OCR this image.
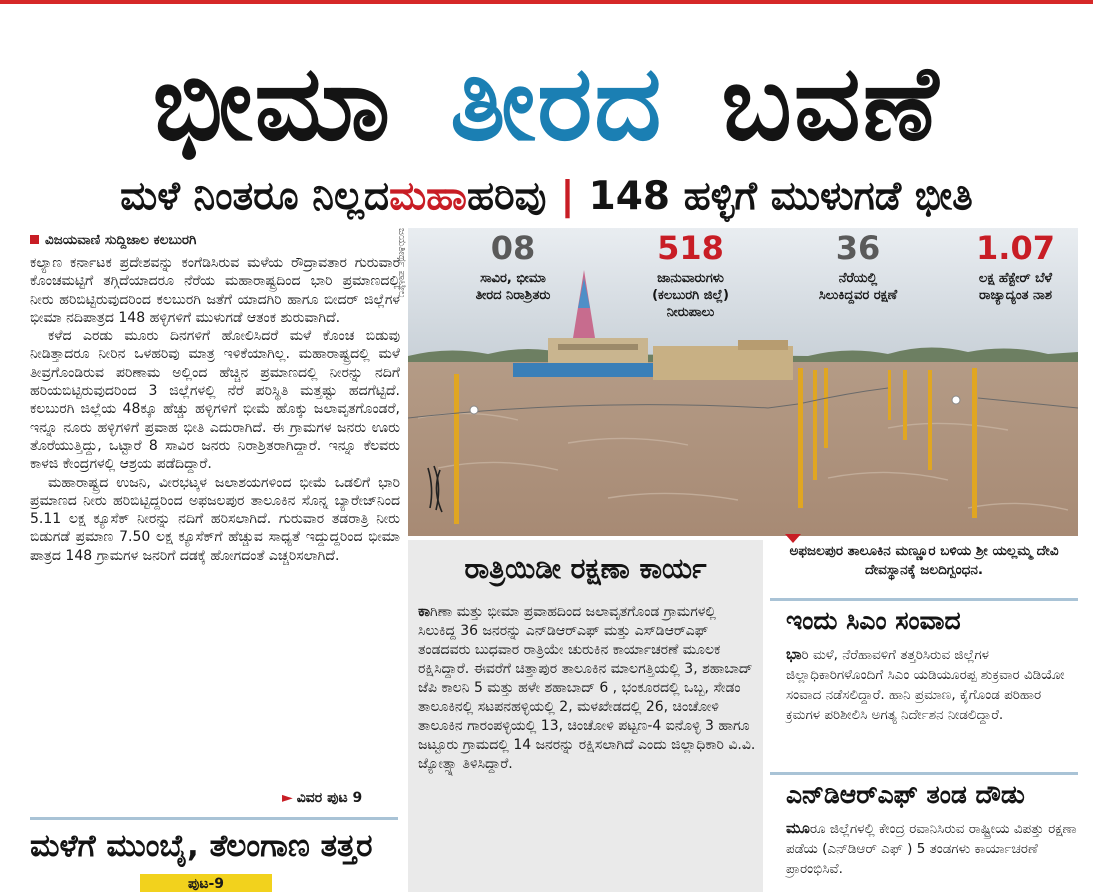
ಭೀಮಾ ತೀರದ ಬವಣೆ
ಮಳೆ ನಿಂತರೂ ನಿಲ್ಲದ ಮಹಾ ಹರಿವು | 148 ಹಳ್ಳಿಗೆ ಮುಳುಗಡೆ ಭೀತಿ
ವಿಜಯವಾಣಿ ಸುದ್ದಿಜಾಲ ಕಲಬುರಗಿ	ಜಯತೀರ್ಥ ಪಾಟೀಲ

ಕಲ್ಯಾಣ ಕರ್ನಾಟಕ ಪ್ರದೇಶವನ್ನು ಕಂಗೆಡಿಸಿರುವ ಮಳೆಯ ರೌದ್ರಾವತಾರ ಗುರುವಾರ ಕೊಂಚಮಟ್ಟಿಗೆ ತಗ್ಗಿದೆಯಾದರೂ ನೆರೆಯ ಮಹಾರಾಷ್ಟ್ರದಿಂದ ಭಾರಿ ಪ್ರಮಾಣದಲ್ಲಿ ನೀರು ಹರಿಬಿಟ್ಟಿರುವುದರಿಂದ ಕಲಬುರಗಿ ಜತೆಗೆ ಯಾದಗಿರಿ ಹಾಗೂ ಬೀದರ್ ಜಿಲ್ಲೆಗಳ ಭೀಮಾ ನದಿಪಾತ್ರದ 148 ಹಳ್ಳಿಗಳಿಗೆ ಮುಳುಗಡೆ ಆತಂಕ ಶುರುವಾಗಿದೆ.

ಕಳೆದ ಎರಡು ಮೂರು ದಿನಗಳಿಗೆ ಹೋಲಿಸಿದರೆ ಮಳೆ ಕೊಂಚ ಬಿಡುವು ನೀಡಿತ್ತಾದರೂ ನೀರಿನ ಒಳಹರಿವು ಮಾತ್ರ ಇಳಿಕೆಯಾಗಿಲ್ಲ. ಮಹಾರಾಷ್ಟ್ರದಲ್ಲಿ ಮಳೆ ತೀವ್ರಗೊಂಡಿರುವ ಪರಿಣಾಮ ಅಲ್ಲಿಂದ ಹೆಚ್ಚಿನ ಪ್ರಮಾಣದಲ್ಲಿ ನೀರನ್ನು ನದಿಗೆ ಹರಿಯಬಿಟ್ಟಿರುವುದರಿಂದ 3 ಜಿಲ್ಲೆಗಳಲ್ಲಿ ನೆರೆ ಪರಿಸ್ಥಿತಿ ಮತ್ತಷ್ಟು ಹದಗೆಟ್ಟಿದೆ. ಕಲಬುರಗಿ ಜಿಲ್ಲೆಯ 48ಕ್ಕೂ ಹೆಚ್ಚು ಹಳ್ಳಿಗಳಿಗೆ ಭೀಮೆ ಹೊಕ್ಕು ಜಲಾವೃತಗೊಂಡರೆ, ಇನ್ನೂ ನೂರು ಹಳ್ಳಿಗಳಿಗೆ ಪ್ರವಾಹ ಭೀತಿ ಎದುರಾಗಿದೆ. ಈ ಗ್ರಾಮಗಳ ಜನರು ಊರು ತೊರೆಯುತ್ತಿದ್ದು, ಒಟ್ಟಾರೆ 8 ಸಾವಿರ ಜನರು ನಿರಾಶ್ರಿತರಾಗಿದ್ದಾರೆ. ಇನ್ನೂ ಕೆಲವರು ಕಾಳಜಿ ಕೇಂದ್ರಗಳಲ್ಲಿ ಆಶ್ರಯ ಪಡೆದಿದ್ದಾರೆ.

ಮಹಾರಾಷ್ಟ್ರದ ಉಜನಿ, ವೀರಭಟ್ಕಳ ಜಲಾಶಯಗಳಿಂದ ಭೀಮೆ ಒಡಲಿಗೆ ಭಾರಿ ಪ್ರಮಾಣದ ನೀರು ಹರಿಬಿಟ್ಟಿದ್ದರಿಂದ ಅಫಜಲಪುರ ತಾಲೂಕಿನ ಸೊನ್ನ ಬ್ಯಾರೇಜ್‌ನಿಂದ 5.11 ಲಕ್ಷ ಕ್ಯೂಸೆಕ್ ನೀರನ್ನು ನದಿಗೆ ಹರಿಸಲಾಗಿದೆ. ಗುರುವಾರ ತಡರಾತ್ರಿ ನೀರು ಬಿಡುಗಡೆ ಪ್ರಮಾಣ 7.50 ಲಕ್ಷ ಕ್ಯೂಸೆಕ್‌ಗೆ ಹೆಚ್ಚುವ ಸಾಧ್ಯತೆ ಇದ್ದುದ್ದರಿಂದ ಭೀಮಾ ಪಾತ್ರದ 148 ಗ್ರಾಮಗಳ ಜನರಿಗೆ ದಡಕ್ಕೆ ಹೋಗದಂತೆ ಎಚ್ಚರಿಸಲಾಗಿದೆ.

► ವಿವರ ಪುಟ 9
ಮಳೆಗೆ ಮುಂಬೈ, ತೆಲಂಗಾಣ ತತ್ತರ
ಪುಟ-9
08
ಸಾವಿರ, ಭೀಮಾ
ತೀರದ ನಿರಾಶ್ರಿತರು
518
ಜಾನುವಾರುಗಳು
(ಕಲಬುರಗಿ ಜಿಲ್ಲೆ)
ನೀರುಪಾಲು
36
ನೆರೆಯಲ್ಲಿ
ಸಿಲುಕಿದ್ದವರ ರಕ್ಷಣೆ
1.07
ಲಕ್ಷ ಹೆಕ್ಟೇರ್ ಬೆಳೆ
ರಾಜ್ಯಾದ್ಯಂತ ನಾಶ
ರಾತ್ರಿಯಿಡೀ ರಕ್ಷಣಾ ಕಾರ್ಯ
ಕಾಗಿಣಾ ಮತ್ತು ಭೀಮಾ ಪ್ರವಾಹದಿಂದ ಜಲಾವೃತಗೊಂಡ ಗ್ರಾಮಗಳಲ್ಲಿ ಸಿಲುಕಿದ್ದ 36 ಜನರನ್ನು ಎನ್‌ಡಿಆರ್‌ಎಫ್ ಮತ್ತು ಎಸ್‌ಡಿಆರ್‌ಎಫ್ ತಂಡದವರು ಬುಧವಾರ ರಾತ್ರಿಯೇ ಚುರುಕಿನ ಕಾರ್ಯಾಚರಣೆ ಮೂಲಕ ರಕ್ಷಿಸಿದ್ದಾರೆ. ಈವರೆಗೆ ಚಿತ್ತಾಪುರ ತಾಲೂಕಿನ ಮಾಲಗತ್ತಿಯಲ್ಲಿ 3, ಶಹಾಬಾದ್ ಜೆಪಿ ಕಾಲನಿ 5 ಮತ್ತು ಹಳೇ ಶಹಾಬಾದ್ 6 , ಭಂಕೂರದಲ್ಲಿ ಒಬ್ಬ, ಸೇಡಂ ತಾಲೂಕಿನಲ್ಲಿ ಸಟಪನಹಳ್ಳಿಯಲ್ಲಿ 2, ಮಳಖೇಡದಲ್ಲಿ 26, ಚಿಂಚೋಳಿ ತಾಲೂಕಿನ ಗಾರಂಪಳ್ಳಿಯಲ್ಲಿ 13, ಚಿಂಚೋಳಿ ಪಟ್ಟಣ-4 ಐನೊಳ್ಳಿ 3 ಹಾಗೂ ಜಟ್ಟೂರು ಗ್ರಾಮದಲ್ಲಿ 14 ಜನರನ್ನು ರಕ್ಷಿಸಲಾಗಿದೆ ಎಂದು ಜಿಲ್ಲಾಧಿಕಾರಿ ವಿ.ವಿ. ಜ್ಯೋತ್ಸ್ನಾ ತಿಳಿಸಿದ್ದಾರೆ.
ಅಫಜಲಪುರ ತಾಲೂಕಿನ ಮಣ್ಣೂರ ಬಳಿಯ ಶ್ರೀ ಯಲ್ಲಮ್ಮ ದೇವಿ ದೇವಸ್ಥಾನಕ್ಕೆ ಜಲದಿಗ್ಬಂಧನ.
ಇಂದು ಸಿಎಂ ಸಂವಾದ
ಭಾರಿ ಮಳೆ, ನೆರೆಹಾವಳಿಗೆ ತತ್ತರಿಸಿರುವ ಜಿಲ್ಲೆಗಳ ಜಿಲ್ಲಾಧಿಕಾರಿಗಳೊಂದಿಗೆ ಸಿಎಂ ಯಡಿಯೂರಪ್ಪ ಶುಕ್ರವಾರ ವಿಡಿಯೋ ಸಂವಾದ ನಡೆಸಲಿದ್ದಾರೆ. ಹಾನಿ ಪ್ರಮಾಣ, ಕೈಗೊಂಡ ಪರಿಹಾರ ಕ್ರಮಗಳ ಪರಿಶೀಲಿಸಿ ಅಗತ್ಯ ನಿರ್ದೇಶನ ನೀಡಲಿದ್ದಾರೆ.
ಎನ್‌ಡಿಆರ್‌ಎಫ್ ತಂಡ ದೌಡು
ಮೂರೂ ಜಿಲ್ಲೆಗಳಲ್ಲಿ ಕೇಂದ್ರ ರವಾನಿಸಿರುವ ರಾಷ್ಟ್ರೀಯ ವಿಪತ್ತು ರಕ್ಷಣಾ ಪಡೆಯ (ಎನ್‌ಡಿಆರ್ ಎಫ್ ) 5 ತಂಡಗಳು ಕಾರ್ಯಾಚರಣೆ ಪ್ರಾರಂಭಿಸಿವೆ.
